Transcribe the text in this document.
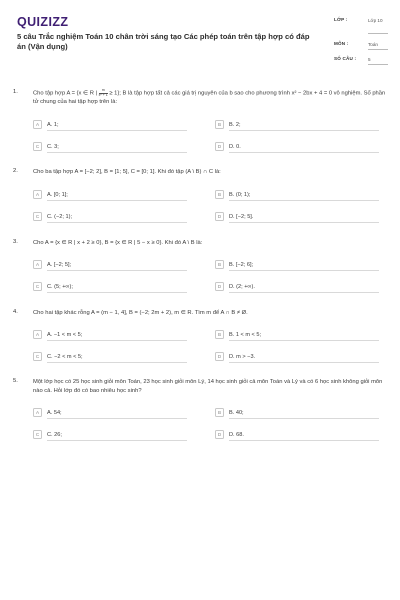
QUIZIZZ
5 câu Trắc nghiệm Toán 10 chân trời sáng tạo Các phép toán trên tập hợp có đáp án (Vận dụng)
LỚP :	Lớp 10
MÔN :	Toán
SỐ CÂU :	5
1.	Cho tập hợp A = {x ∈ R | $\frac{m}{\text{x² + 1}} \ge 1$}; B là tập hợp tất cả các giá trị nguyên của b sao cho phương trình x² − 2bx + 4 = 0 vô nghiệm. Số phần tử chung của hai tập hợp trên là:
A	A. 1;	B	B. 2;
C	C. 3;	D	D. 0.
2.	Cho ba tập hợp A = [−2; 2], B = [1; 5], C = [0; 1]. Khi đó tập (A \ B) ∩ C là:
A	A. [0; 1];	B	B. (0; 1);
C	C. (−2; 1);	D	D. [−2; 5].
3.	Cho A = {x ∈ R | x + 2 ≥ 0}, B = {x ∈ R | 5 − x ≥ 0}. Khi đó A \ B là:
A	A. [−2; 5];	B	B. [−2; 6];
C	C. (5; +∞);	D	D. (2; +∞).
4.	Cho hai tập khác rỗng A = (m − 1, 4], B = (−2; 2m + 2), m ∈ R. Tìm m để A ∩ B ≠ Ø.
A	A. −1 < m < 5;	B	B. 1 < m < 5;
C	C. −2 < m < 5;	D	D. m > −3.
5.	Một lớp học có 25 học sinh giỏi môn Toán, 23 học sinh giỏi môn Lý, 14 học sinh giỏi cả môn Toán và Lý và có 6 học sinh không giỏi môn nào cả. Hỏi lớp đó có bao nhiêu học sinh?
A	A. 54;	B	B. 40;
C	C. 26;	D	D. 68.
